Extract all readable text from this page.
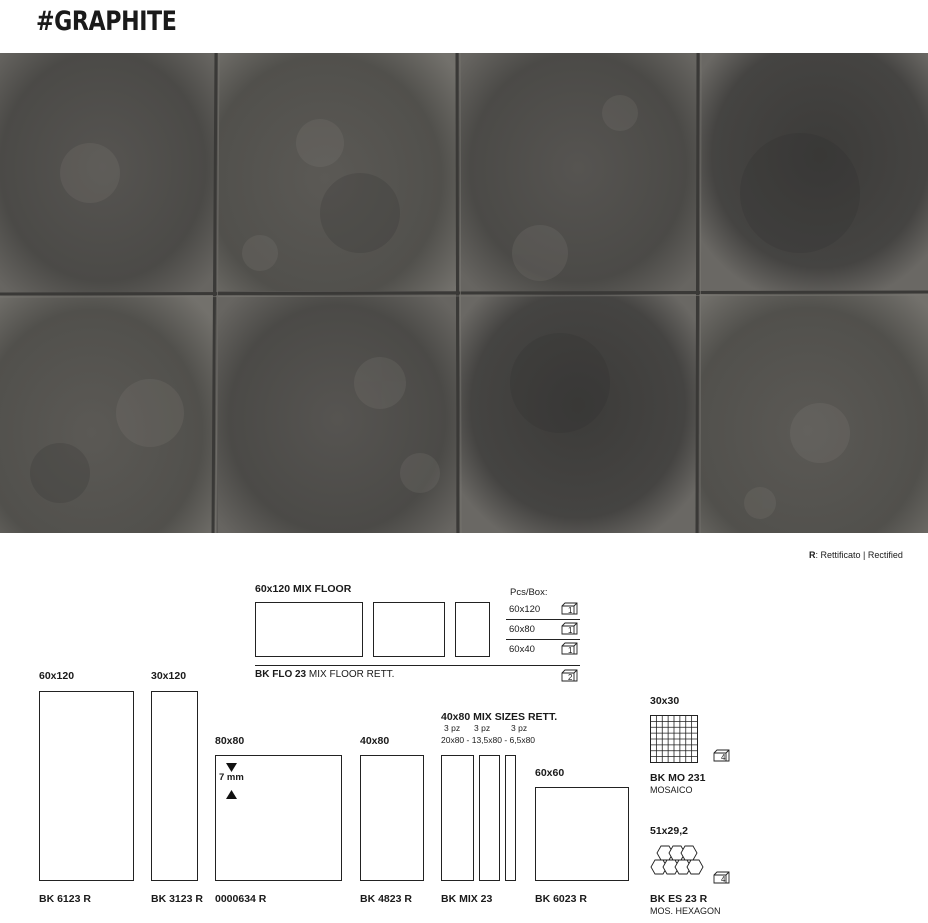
#GRAPHITE
R: Rettificato | Rectified
60x120 MIX FLOOR	Pcs/Box:
60x120
60x80
60x40
1
1
1
BK FLO 23 MIX FLOOR RETT.	2
60x120
BK 6123 R
30x120
BK 3123 R
80x80
7 mm
0000634 R
40x80
BK 4823 R
40x80 MIX SIZES RETT.
3 pz 3 pz 3 pz
20x80 - 13,5x80 - 6,5x80
BK MIX 23
60x60
BK 6023 R
30x30
4
BK MO 231
MOSAICO
51x29,2
4
BK ES 23 R
MOS. HEXAGON
